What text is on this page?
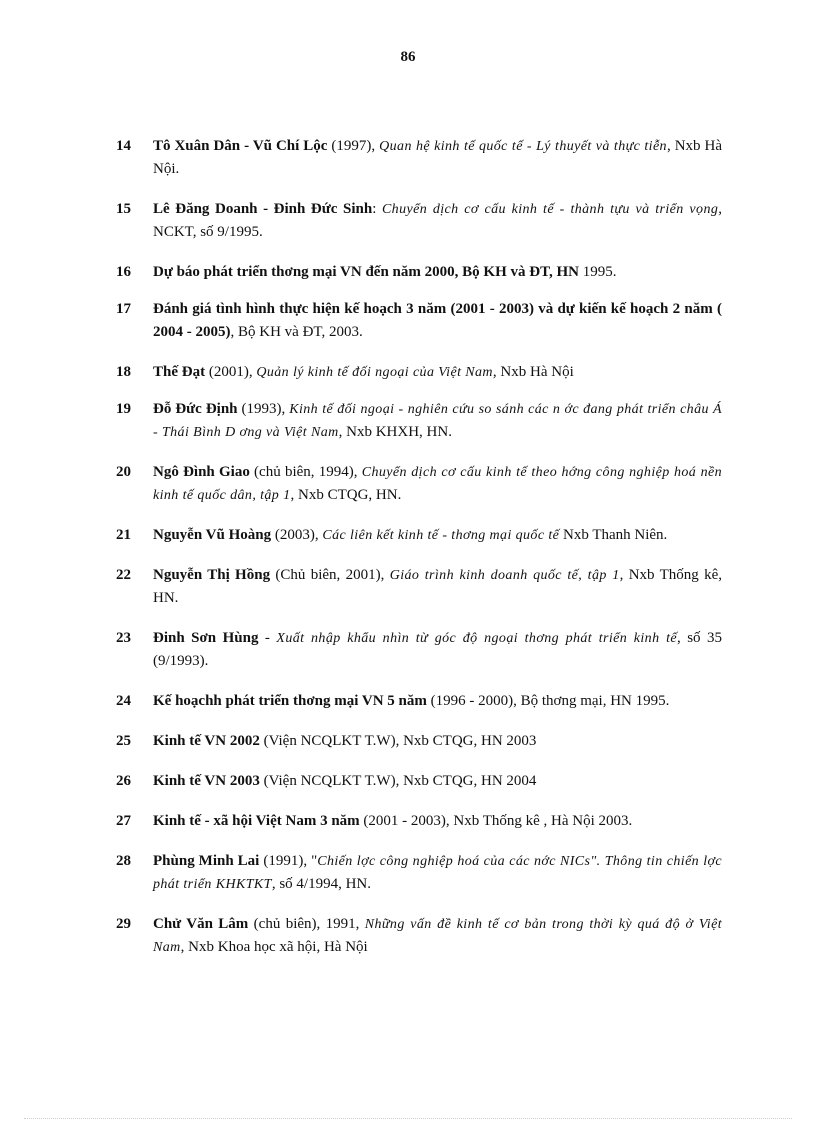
86
14 Tô Xuân Dân - Vũ Chí Lộc (1997), Quan hệ kinh tế quốc tế - Lý thuyết và thực tiễn, Nxb Hà Nội.
15 Lê Đăng Doanh - Đinh Đức Sinh: Chuyển dịch cơ cấu kinh tế - thành tựu và triển vọng, NCKT, số 9/1995.
16 Dự báo phát triển thơng mại VN đến năm 2000, Bộ KH và ĐT, HN 1995.
17 Đánh giá tình hình thực hiện kế hoạch 3 năm (2001 - 2003) và dự kiến kế hoạch 2 năm ( 2004 - 2005), Bộ KH và ĐT, 2003.
18 Thế Đạt (2001), Quản lý kinh tế đối ngoại của Việt Nam, Nxb Hà Nội
19 Đỗ Đức Định (1993), Kinh tế đối ngoại - nghiên cứu so sánh các n ớc đang phát triển châu Á - Thái Bình D ơng và Việt Nam, Nxb KHXH, HN.
20 Ngô Đình Giao (chủ biên, 1994), Chuyển dịch cơ cấu kinh tế theo hớng công nghiệp hoá nền kinh tế quốc dân, tập 1, Nxb CTQG, HN.
21 Nguyễn Vũ Hoàng (2003), Các liên kết kinh tế - thơng mại quốc tế Nxb Thanh Niên.
22 Nguyễn Thị Hồng (Chủ biên, 2001), Giáo trình kinh doanh quốc tế, tập 1, Nxb Thống kê, HN.
23 Đinh Sơn Hùng - Xuất nhập khẩu nhìn từ góc độ ngoại thơng phát triển kinh tế, số 35 (9/1993).
24 Kế hoạchh phát triển thơng mại VN 5 năm (1996 - 2000), Bộ thơng mại, HN 1995.
25 Kinh tế VN 2002 (Viện NCQLKT T.W), Nxb CTQG, HN 2003
26 Kinh tế VN 2003 (Viện NCQLKT T.W), Nxb CTQG, HN 2004
27 Kinh tế - xã hội Việt Nam 3 năm (2001 - 2003), Nxb Thống kê , Hà Nội 2003.
28 Phùng Minh Lai (1991), "Chiến lợc công nghiệp hoá của các nớc NICs". Thông tin chiến lợc phát triển KHKTKT, số 4/1994, HN.
29 Chử Văn Lâm (chủ biên), 1991, Những vấn đề kinh tế cơ bản trong thời kỳ quá độ ở Việt Nam, Nxb Khoa học xã hội, Hà Nội
